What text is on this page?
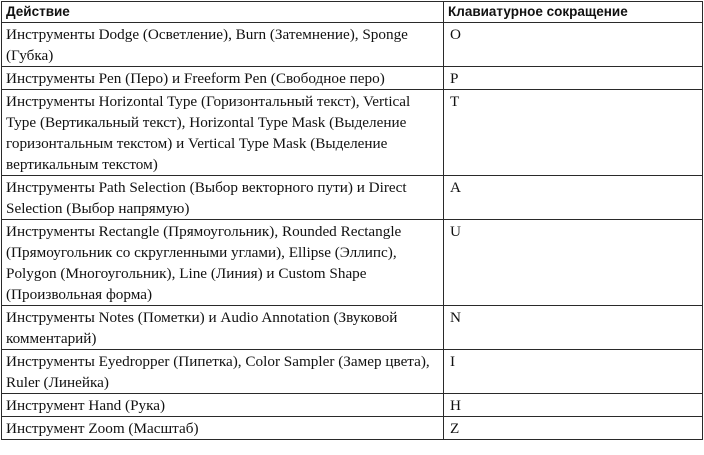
Действие	Клавиатурное сокращение
Инструменты Dodge (Осветление), Burn (Затемнение), Sponge (Губка)	O
Инструменты Pen (Перо) и Freeform Pen (Свободное перо)	P
Инструменты Horizontal Type (Горизонтальный текст), Vertical Type (Вертикальный текст), Horizontal Type Mask (Выделение горизонтальным текстом) и Vertical Type Mask (Выделение вертикальным текстом)	T
Инструменты Path Selection (Выбор векторного пути) и Direct Selection (Выбор напрямую)	A
Инструменты Rectangle (Прямоугольник), Rounded Rectangle (Прямоугольник со скругленными углами), Ellipse (Эллипс), Polygon (Многоугольник), Line (Линия) и Custom Shape (Произвольная форма)	U
Инструменты Notes (Пометки) и Audio Annotation (Звуковой комментарий)	N
Инструменты Eyedropper (Пипетка), Color Sampler (Замер цвета), Ruler (Линейка)	I
Инструмент Hand (Рука)	H
Инструмент Zoom (Масштаб)	Z
